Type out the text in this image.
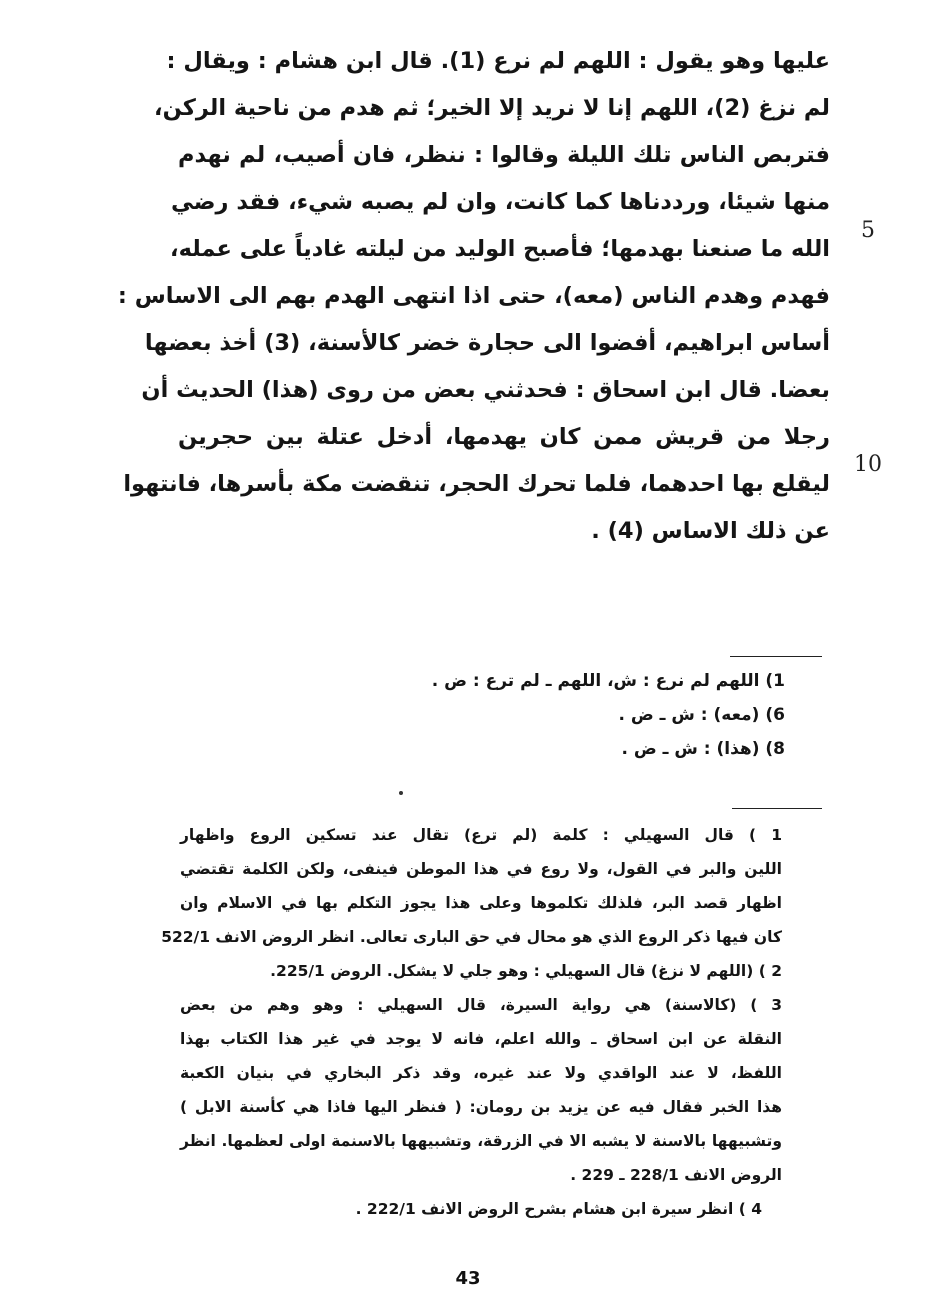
عليها وهو يقول : اللهم لم نرع (1). قال ابن هشام : ويقال :
لم نزغ (2)، اللهم إنا لا نريد إلا الخير؛ ثم هدم من ناحية الركن،
فتربص الناس تلك الليلة وقالوا : ننظر، فان أصيب، لم نهدم
منها شيئا، ورددناها كما كانت، وان لم يصبه شيء، فقد رضي
الله ما صنعنا بهدمها؛ فأصبح الوليد من ليلته غادياً على عمله،
فهدم وهدم الناس (معه)، حتى اذا انتهى الهدم بهم الى الاساس :
أساس ابراهيم، أفضوا الى حجارة خضر كالأسنة، (3) أخذ بعضها
بعضا. قال ابن اسحاق : فحدثني بعض من روى (هذا) الحديث أن
رجلا من قريش ممن كان يهدمها، أدخل عتلة بين حجرين
ليقلع بها احدهما، فلما تحرك الحجر، تنقضت مكة بأسرها، فانتهوا
عن ذلك الاساس (4) .
5
10
1) اللهم لم نرع : ش، اللهم ـ لم ترع : ض .
6) (معه) : ش ـ ض .
8) (هذا) : ش ـ ض .
1 ) قال السهيلي : كلمة (لم ترع) تقال عند تسكين الروع واظهار
اللين والبر في القول، ولا روع في هذا الموطن فينفى، ولكن الكلمة تقتضي
اظهار قصد البر، فلذلك تكلموها وعلى هذا يجوز التكلم بها في الاسلام وان
كان فيها ذكر الروع الذي هو محال في حق البارى تعالى. انظر الروض الانف 522/1
2 ) (اللهم لا نزغ) قال السهيلي : وهو جلي لا يشكل. الروض 225/1.
3 ) (كالاسنة) هي رواية السيرة، قال السهيلي : وهو وهم من بعض
النقلة عن ابن اسحاق ـ والله اعلم، فانه لا يوجد في غير هذا الكتاب بهذا
اللفظ، لا عند الواقدي ولا عند غيره، وقد ذكر البخاري في بنيان الكعبة
هذا الخبر فقال فيه عن يزيد بن رومان: ( فنظر اليها فاذا هي كأسنة الابل )
وتشبيهها بالاسنة لا يشبه الا في الزرقة، وتشبيهها بالاسنمة اولى لعظمها. انظر
الروض الانف 228/1 ـ 229 .
4 ) انظر سيرة ابن هشام بشرح الروض الانف 222/1 .
43
